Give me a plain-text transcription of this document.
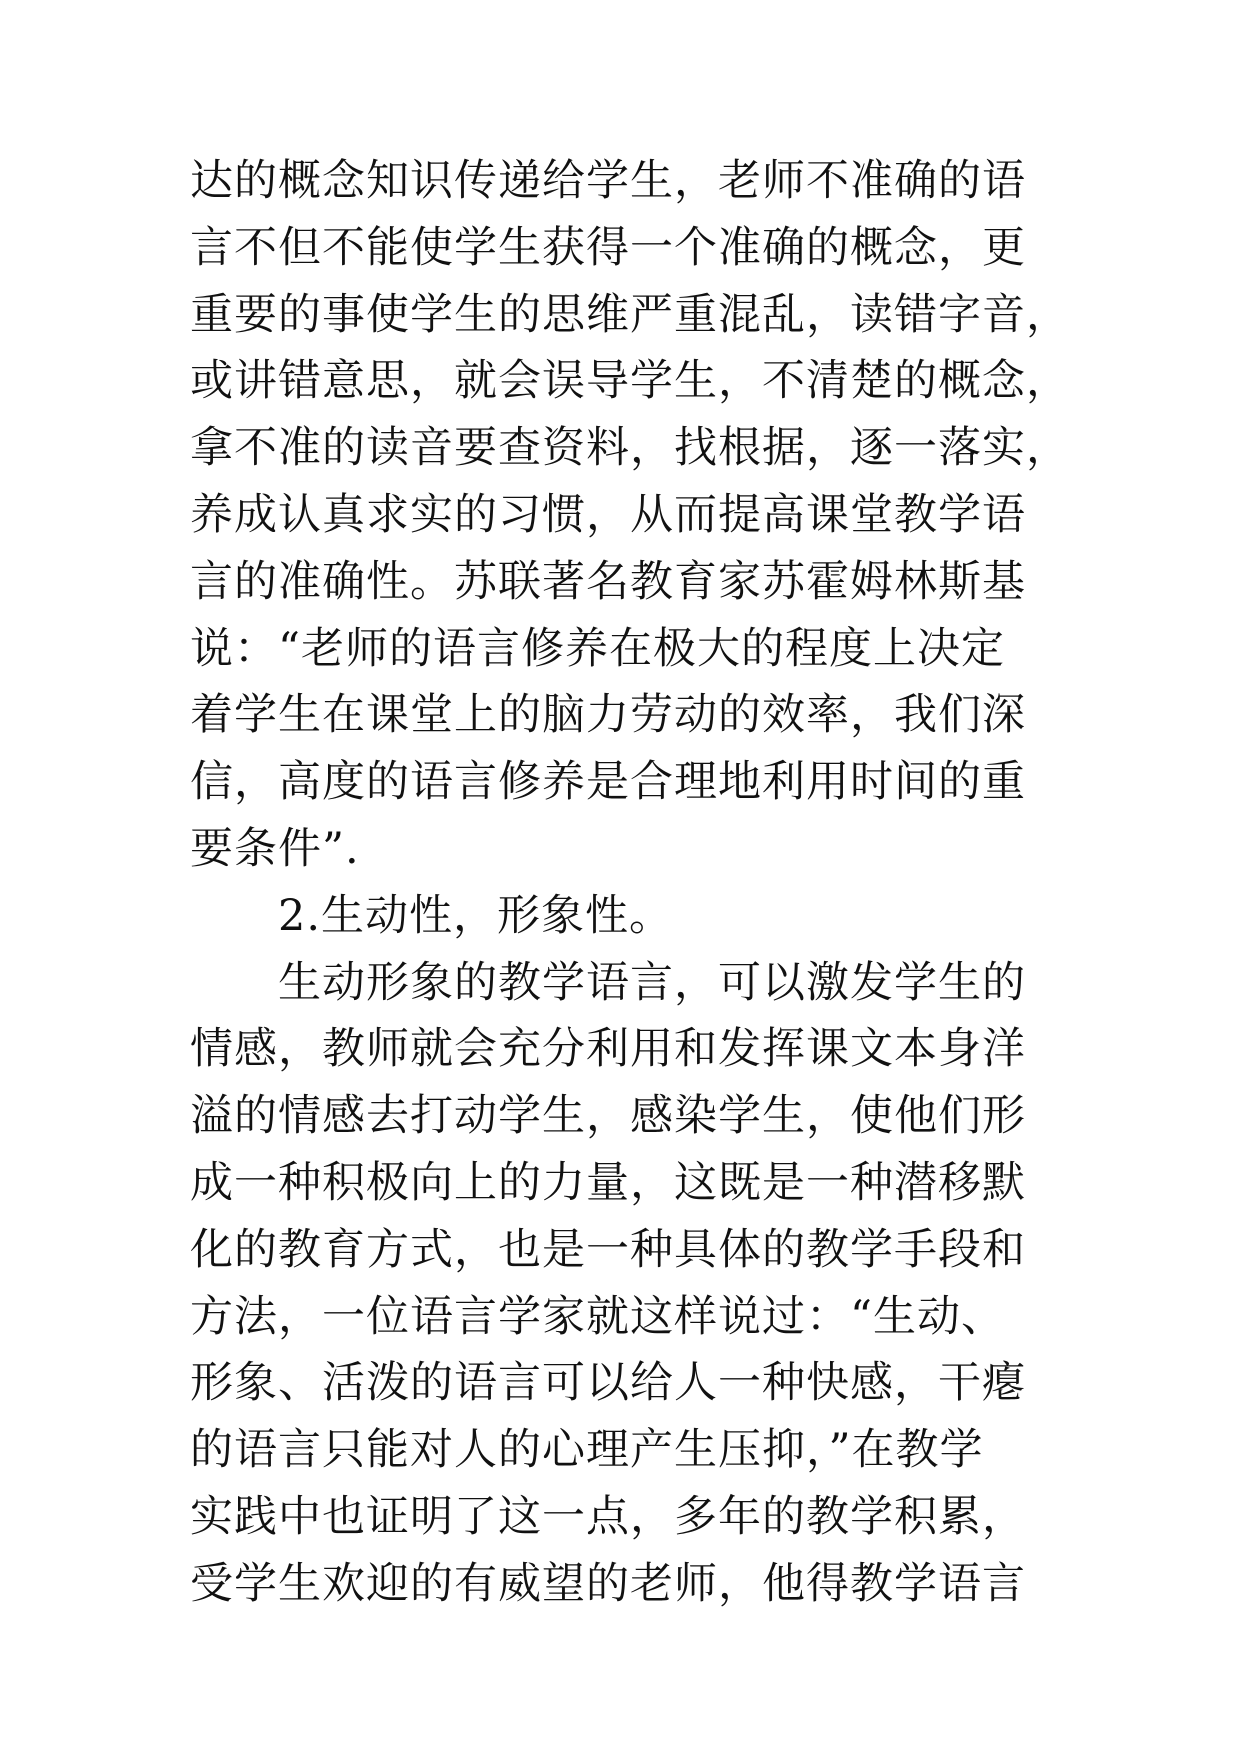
达的概念知识传递给学生，老师不准确的语
言不但不能使学生获得一个准确的概念，更
重要的事使学生的思维严重混乱，读错字音，
或讲错意思，就会误导学生，不清楚的概念，
拿不准的读音要查资料，找根据，逐一落实，
养成认真求实的习惯，从而提高课堂教学语
言的准确性。苏联著名教育家苏霍姆林斯基
说：“老师的语言修养在极大的程度上决定
着学生在课堂上的脑力劳动的效率，我们深
信，高度的语言修养是合理地利用时间的重
要条件”.
2.生动性，形象性。
生动形象的教学语言，可以激发学生的
情感，教师就会充分利用和发挥课文本身洋
溢的情感去打动学生，感染学生，使他们形
成一种积极向上的力量，这既是一种潜移默
化的教育方式，也是一种具体的教学手段和
方法，一位语言学家就这样说过：“生动、
形象、活泼的语言可以给人一种快感，干瘪
的语言只能对人的心理产生压抑，”在教学
实践中也证明了这一点，多年的教学积累，
受学生欢迎的有威望的老师，他得教学语言
